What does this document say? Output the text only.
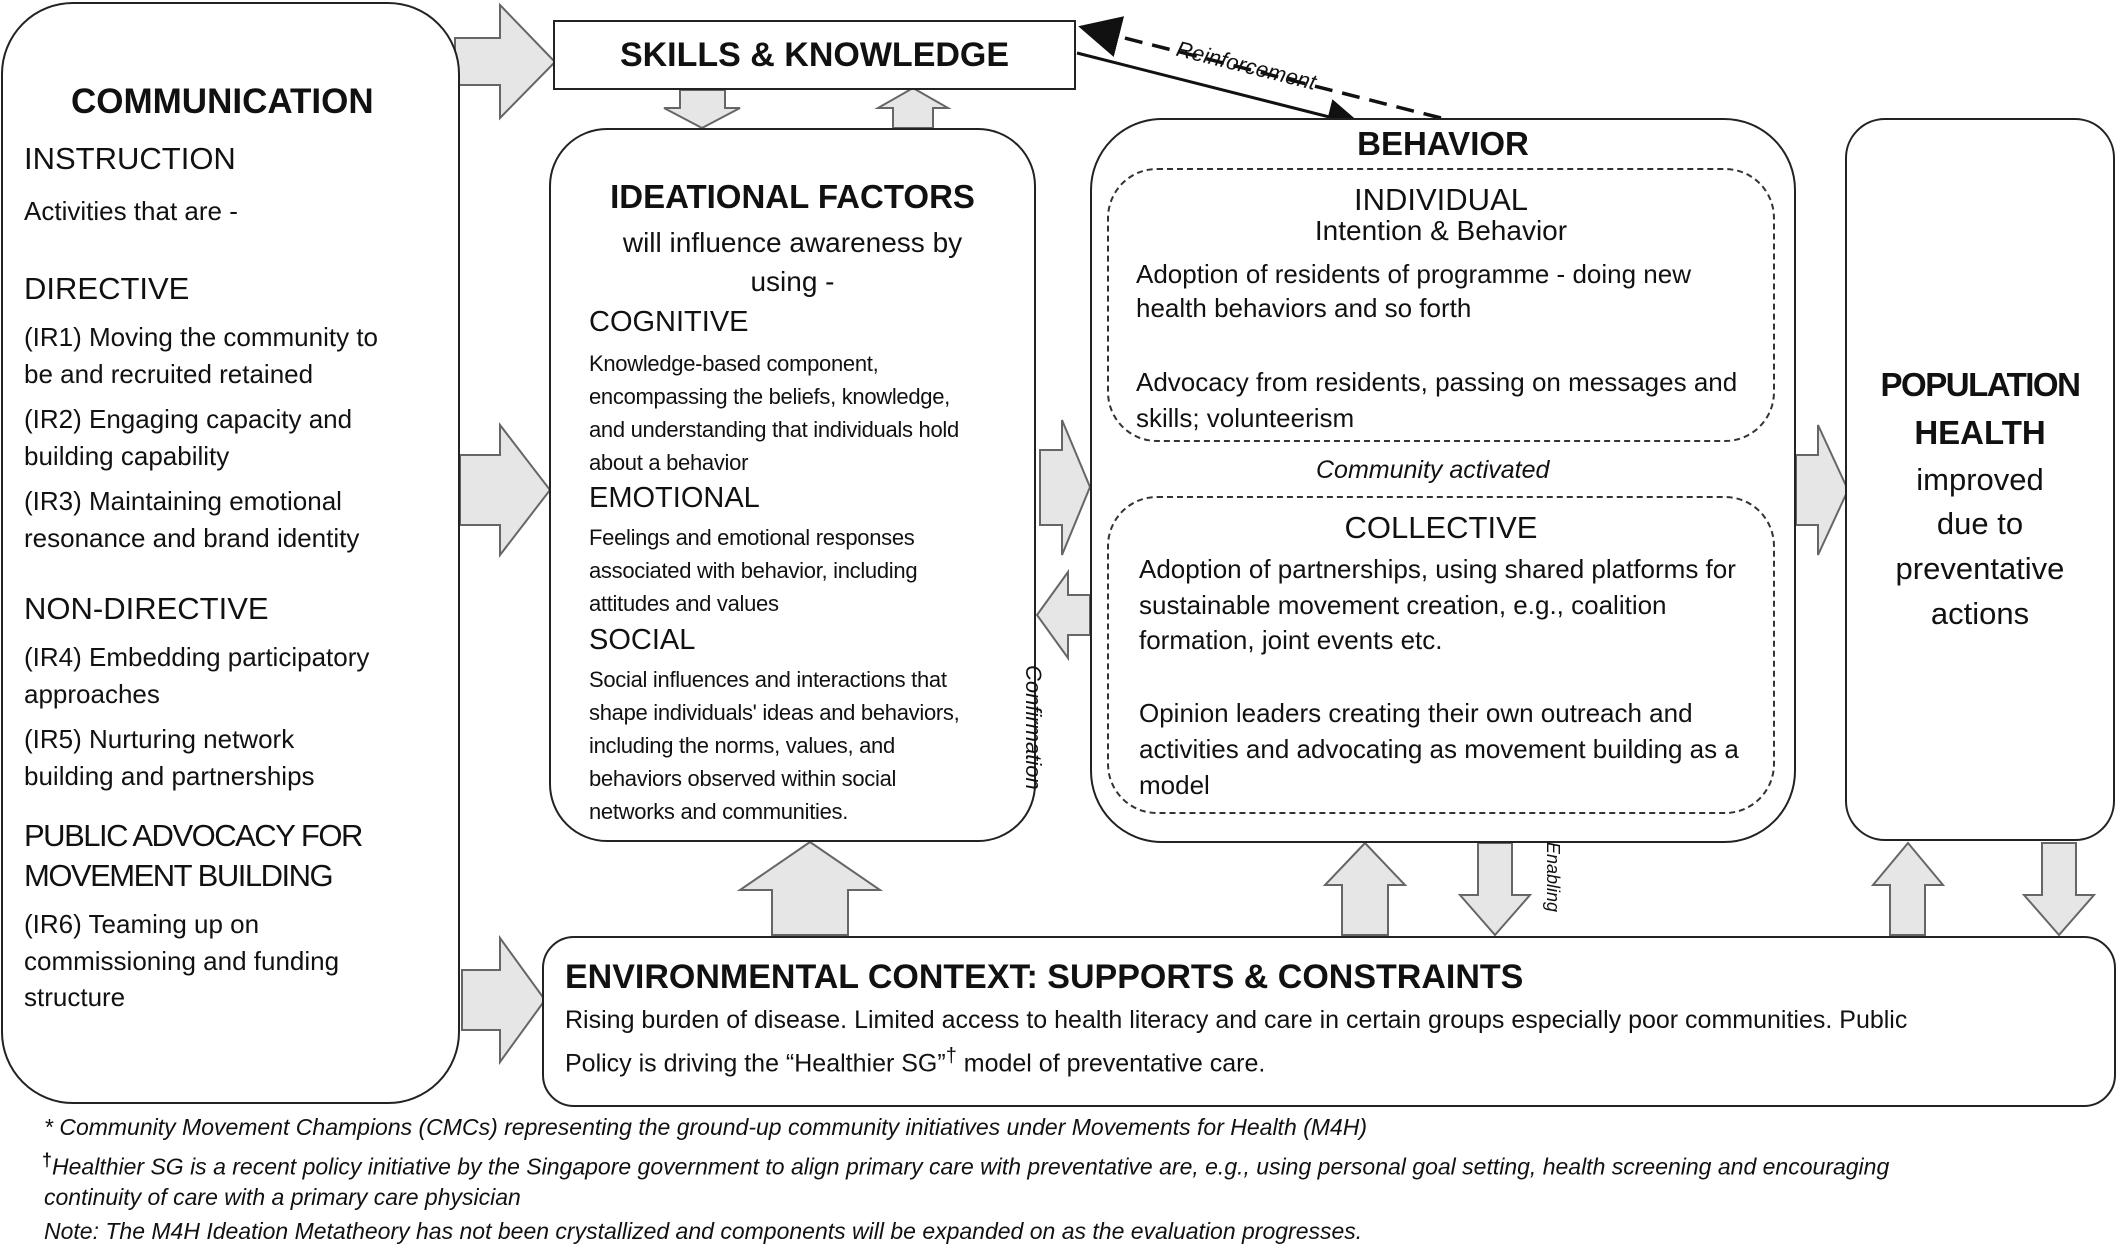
COMMUNICATION
INSTRUCTION
Activities that are -
DIRECTIVE
(IR1) Moving the community to
be and recruited retained
(IR2) Engaging capacity and
building capability
(IR3) Maintaining emotional
resonance and brand identity
NON-DIRECTIVE
(IR4) Embedding participatory
approaches
(IR5) Nurturing network
building and partnerships
PUBLIC ADVOCACY FOR
MOVEMENT BUILDING
(IR6) Teaming up on
commissioning and funding
structure
SKILLS & KNOWLEDGE
IDEATIONAL FACTORS
will influence awareness by
using -
COGNITIVE
Knowledge-based component,
encompassing the beliefs, knowledge,
and understanding that individuals hold
about a behavior
EMOTIONAL
Feelings and emotional responses
associated with behavior, including
attitudes and values
SOCIAL
Social influences and interactions that
shape individuals' ideas and behaviors,
including the norms, values, and
behaviors observed within social
networks and communities.
BEHAVIOR
INDIVIDUAL
Intention & Behavior
Adoption of residents of programme - doing new
health behaviors and so forth
Advocacy from residents, passing on messages and
skills; volunteerism
Community activated
COLLECTIVE
Adoption of partnerships, using shared platforms for
sustainable movement creation, e.g., coalition
formation, joint events etc.
Opinion leaders creating their own outreach and
activities and advocating as movement building as a
model
POPULATION
HEALTH
improved
due to
preventative
actions
ENVIRONMENTAL CONTEXT: SUPPORTS & CONSTRAINTS
Rising burden of disease. Limited access to health literacy and care in certain groups especially poor communities. Public
Policy is driving the “Healthier SG”† model of preventative care.
Reinforcement
Confirmation
Enabling
* Community Movement Champions (CMCs) representing the ground-up community initiatives under Movements for Health (M4H)
†Healthier SG is a recent policy initiative by the Singapore government to align primary care with preventative are, e.g., using personal goal setting, health screening and encouraging
continuity of care with a primary care physician
Note: The M4H Ideation Metatheory has not been crystallized and components will be expanded on as the evaluation progresses.
